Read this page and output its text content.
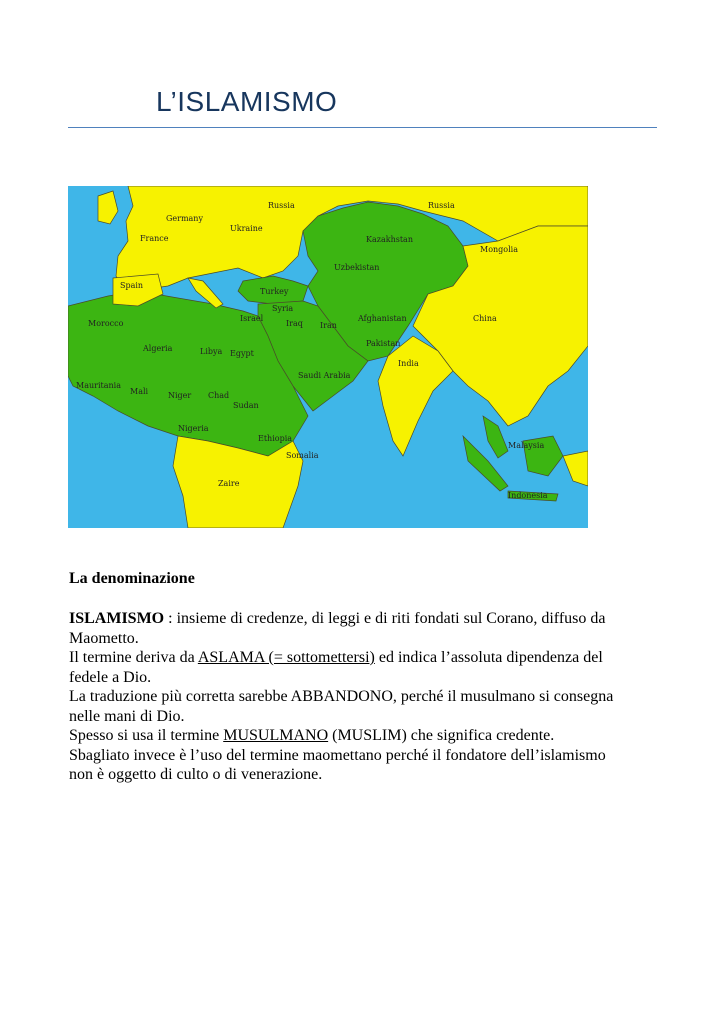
L’ISLAMISMO
Russia	Russia
Germany
Ukraine
France
Spain
Kazakhstan
Mongolia
Uzbekistan
Turkey
Syria
Israel
Iraq Iran
Afghanistan
Pakistan
India
China
Morocco
Algeria	Libya Egypt
Saudi Arabia
Mauritania
Mali Niger Chad
Sudan
Nigeria
Ethiopia
Somalia
Zaire
Malaysia
Indonesia
La denominazione

ISLAMISMO : insieme di credenze, di leggi e di riti fondati sul Corano, diffuso da

Maometto.

Il termine deriva da ASLAMA (= sottomettersi) ed indica l’assoluta dipendenza del

fedele a Dio.

La traduzione più corretta sarebbe ABBANDONO, perché il musulmano si consegna

nelle mani di Dio.

Spesso si usa il termine MUSULMANO (MUSLIM) che significa credente.

Sbagliato invece è l’uso del termine maomettano perché il fondatore dell’islamismo

non è oggetto di culto o di venerazione.
